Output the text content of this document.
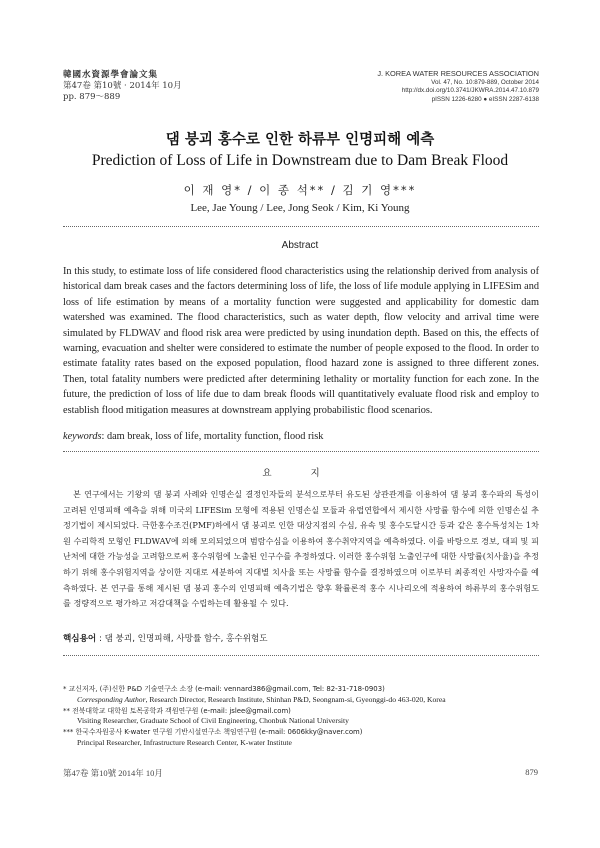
韓國水資源學會論文集
第47卷 第10號 · 2014年 10月
pp. 879～889
J. KOREA WATER RESOURCES ASSOCIATION
Vol. 47, No. 10:879-889, October 2014
http://dx.doi.org/10.3741/JKWRA.2014.47.10.879
pISSN 1226-6280 ● eISSN 2287-6138
댐 붕괴 홍수로 인한 하류부 인명피해 예측
Prediction of Loss of Life in Downstream due to Dam Break Flood
이 재 영* / 이 종 석** / 김 기 영***
Lee, Jae Young / Lee, Jong Seok / Kim, Ki Young
Abstract
In this study, to estimate loss of life considered flood characteristics using the relationship derived from analysis of historical dam break cases and the factors determining loss of life, the loss of life module applying in LIFESim and loss of life estimation by means of a mortality function were suggested and applicability for domestic dam watershed was examined. The flood characteristics, such as water depth, flow velocity and arrival time were simulated by FLDWAV and flood risk area were predicted by using inundation depth. Based on this, the effects of warning, evacuation and shelter were considered to estimate the number of people exposed to the flood. In order to estimate fatality rates based on the exposed population, flood hazard zone is assigned to three different zones. Then, total fatality numbers were predicted after determining lethality or mortality function for each zone. In the future, the prediction of loss of life due to dam break floods will quantitatively evaluate flood risk and employ to establish flood mitigation measures at downstream applying probabilistic flood scenarios.
keywords: dam break, loss of life, mortality function, flood risk
요 지
본 연구에서는 기왕의 댐 붕괴 사례와 인명손실 결정인자들의 분석으로부터 유도된 상관관계를 이용하여 댐 붕괴 홍수파의 특성이 고려된 인명피해 예측을 위해 미국의 LIFESim 모형에 적용된 인명손실 모듈과 유럽연합에서 제시한 사망률 함수에 의한 인명손실 추정기법이 제시되었다. 극한홍수조건(PMF)하에서 댐 붕괴로 인한 대상지점의 수심, 유속 및 홍수도달시간 등과 같은 홍수특성치는 1차원 수리학적 모형인 FLDWAV에 의해 모의되었으며 범람수심을 이용하여 홍수취약지역을 예측하였다. 이를 바탕으로 경보, 대피 및 피난처에 대한 가능성을 고려함으로써 홍수위험에 노출된 인구수를 추정하였다. 이러한 홍수위험 노출인구에 대한 사망률(치사율)을 추정하기 위해 홍수위험지역을 상이한 지대로 세분하여 지대별 치사율 또는 사망률 함수를 결정하였으며 이로부터 최종적인 사망자수를 예측하였다. 본 연구를 통해 제시된 댐 붕괴 홍수의 인명피해 예측기법은 향후 확률론적 홍수 시나리오에 적용하여 하류부의 홍수위험도를 정량적으로 평가하고 저감대책을 수립하는데 활용될 수 있다.
핵심용어 : 댐 붕괴, 인명피해, 사망률 함수, 홍수위험도
* 교신저자, (주)신한 P&D 기술연구소 소장 (e-mail: vennard386@gmail.com, Tel: 82-31-718-0903)
Corresponding Author, Research Director, Research Institute, Shinhan P&D, Seongnam-si, Gyeonggi-do 463-020, Korea
** 전북대학교 대학원 토목공학과 객원연구원 (e-mail: jslee@gmail.com)
Visiting Researcher, Graduate School of Civil Engineering, Chonbuk National University
*** 한국수자원공사 K-water 연구원 기반시설연구소 책임연구원 (e-mail: 0606kky@naver.com)
Principal Researcher, Infrastructure Research Center, K-water Institute
第47卷 第10號 2014年 10月	879
